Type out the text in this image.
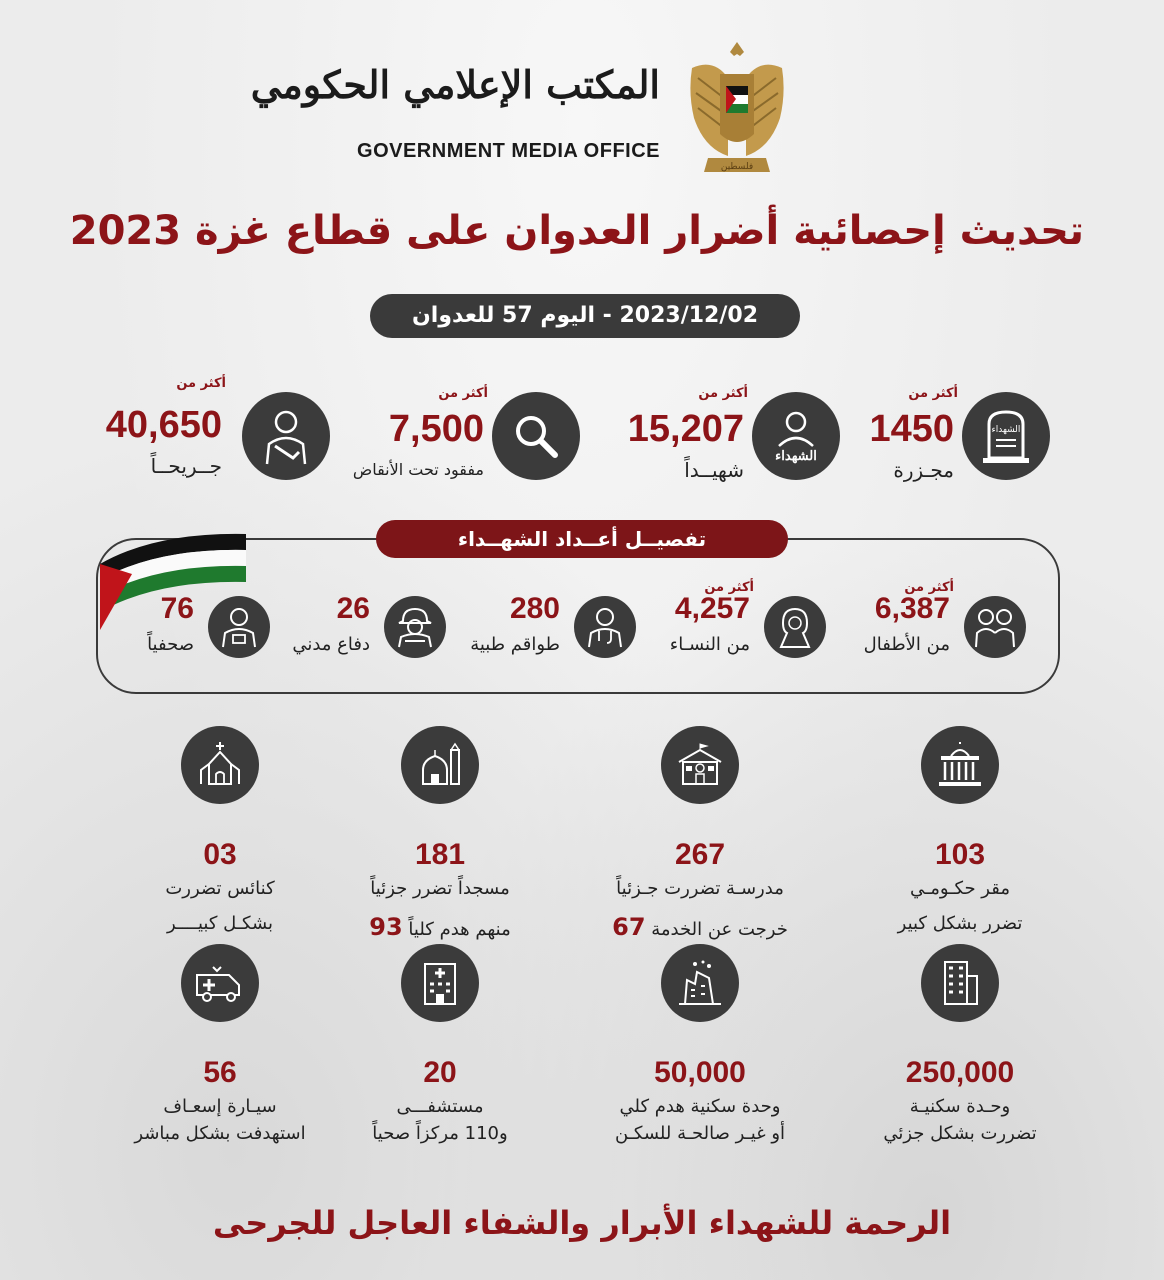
المكتب الإعلامي الحكومي
GOVERNMENT MEDIA OFFICE
فلسطين
تحديث إحصائية أضرار العدوان على قطاع غزة 2023
2023/12/02 - اليوم 57 للعدوان
الشهداء
أكثر من
1450
مجـزرة
الشهداء
أكثر من
15,207
شهيــداً
أكثر من
7,500
مفقود تحت الأنقاض
أكثر من
40,650
جــريحــاً
تفصيــل أعــداد الشهــداء
أكثر من
6,387
من الأطفال
أكثر من
4,257
من النسـاء
280
طواقم طبية
26
دفاع مدني
76
صحفياً
103
مقر حكـومـي
تضرر بشكل كبير
267
مدرسـة تضررت جـزئياً
خرجت عن الخدمة 67
181
مسجداً تضرر جزئياً
منهم هدم كلياً 93
03
كنائس تضررت
بشكـل كبيــــر
250,000
وحـدة سكنيـة
تضررت بشكل جزئي
50,000
وحدة سكنية هدم كلي
أو غيـر صالحـة للسكـن
20
مستشفـــى
و110 مركزاً صحياً
56
سيـارة إسعـاف
استهدفت بشكل مباشر
الرحمة للشهداء الأبرار والشفاء العاجل للجرحى
